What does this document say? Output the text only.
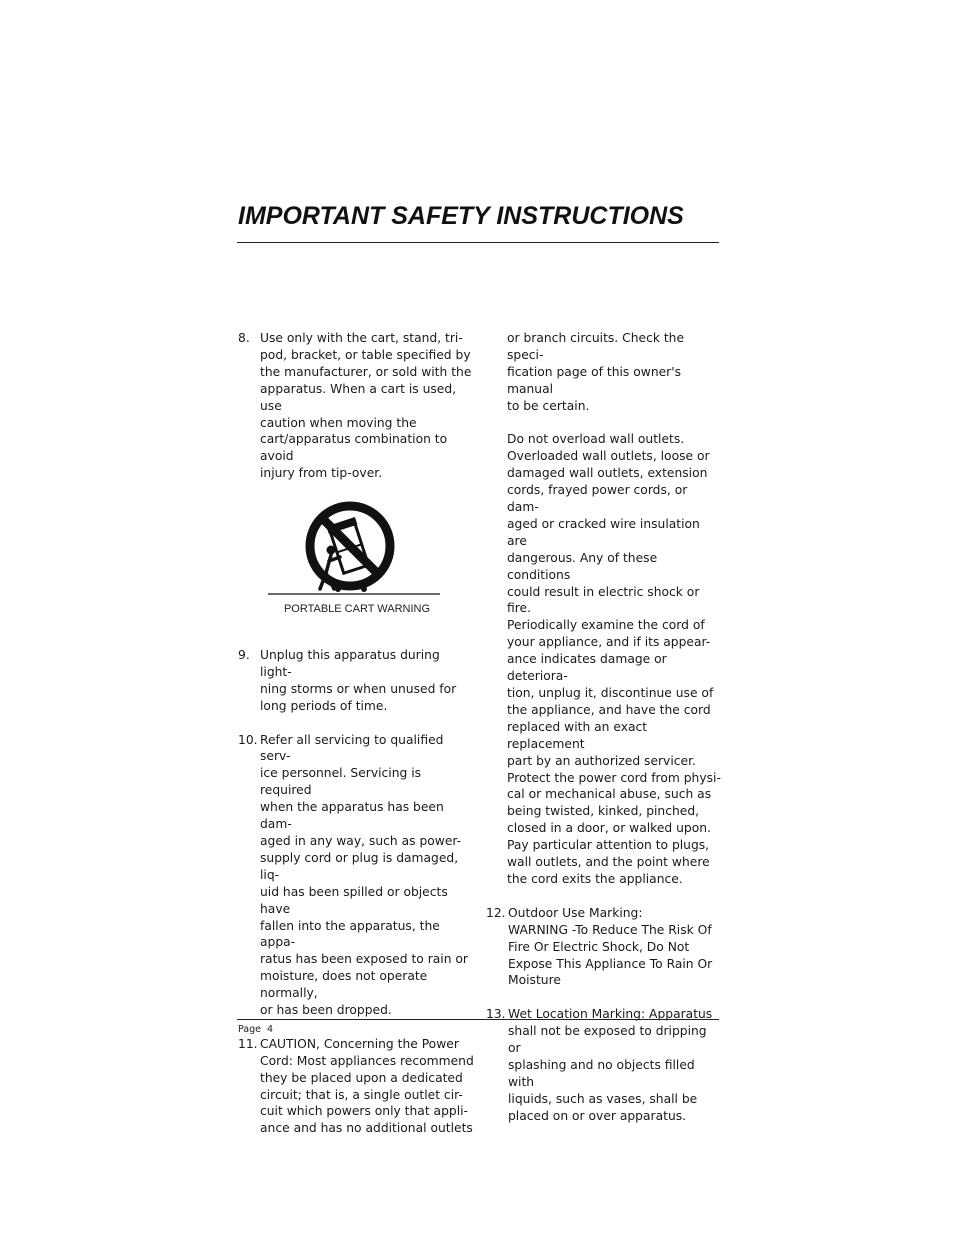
IMPORTANT SAFETY INSTRUCTIONS
8. Use only with the cart, stand, tri-
pod, bracket, or table specified by
the manufacturer, or sold with the
apparatus. When a cart is used, use
caution when moving the
cart/apparatus combination to avoid
injury from tip-over.
PORTABLE CART WARNING
9. Unplug this apparatus during light-
ning storms or when unused for
long periods of time.
10. Refer all servicing to qualified serv-
ice personnel. Servicing is required
when the apparatus has been dam-
aged in any way, such as power-
supply cord or plug is damaged, liq-
uid has been spilled or objects have
fallen into the apparatus, the appa-
ratus has been exposed to rain or
moisture, does not operate normally,
or has been dropped.
11. CAUTION, Concerning the Power
Cord: Most appliances recommend
they be placed upon a dedicated
circuit; that is, a single outlet cir-
cuit which powers only that appli-
ance and has no additional outlets
or branch circuits. Check the speci-
fication page of this owner's manual
to be certain.
Do not overload wall outlets.
Overloaded wall outlets, loose or
damaged wall outlets, extension
cords, frayed power cords, or dam-
aged or cracked wire insulation are
dangerous. Any of these conditions
could result in electric shock or fire.
Periodically examine the cord of
your appliance, and if its appear-
ance indicates damage or deteriora-
tion, unplug it, discontinue use of
the appliance, and have the cord
replaced with an exact replacement
part by an authorized servicer.
Protect the power cord from physi-
cal or mechanical abuse, such as
being twisted, kinked, pinched,
closed in a door, or walked upon.
Pay particular attention to plugs,
wall outlets, and the point where
the cord exits the appliance.
12. Outdoor Use Marking:
WARNING -To Reduce The Risk Of
Fire Or Electric Shock, Do Not
Expose This Appliance To Rain Or
Moisture
13. Wet Location Marking: Apparatus
shall not be exposed to dripping or
splashing and no objects filled with
liquids, such as vases, shall be
placed on or over apparatus.
Page  4
